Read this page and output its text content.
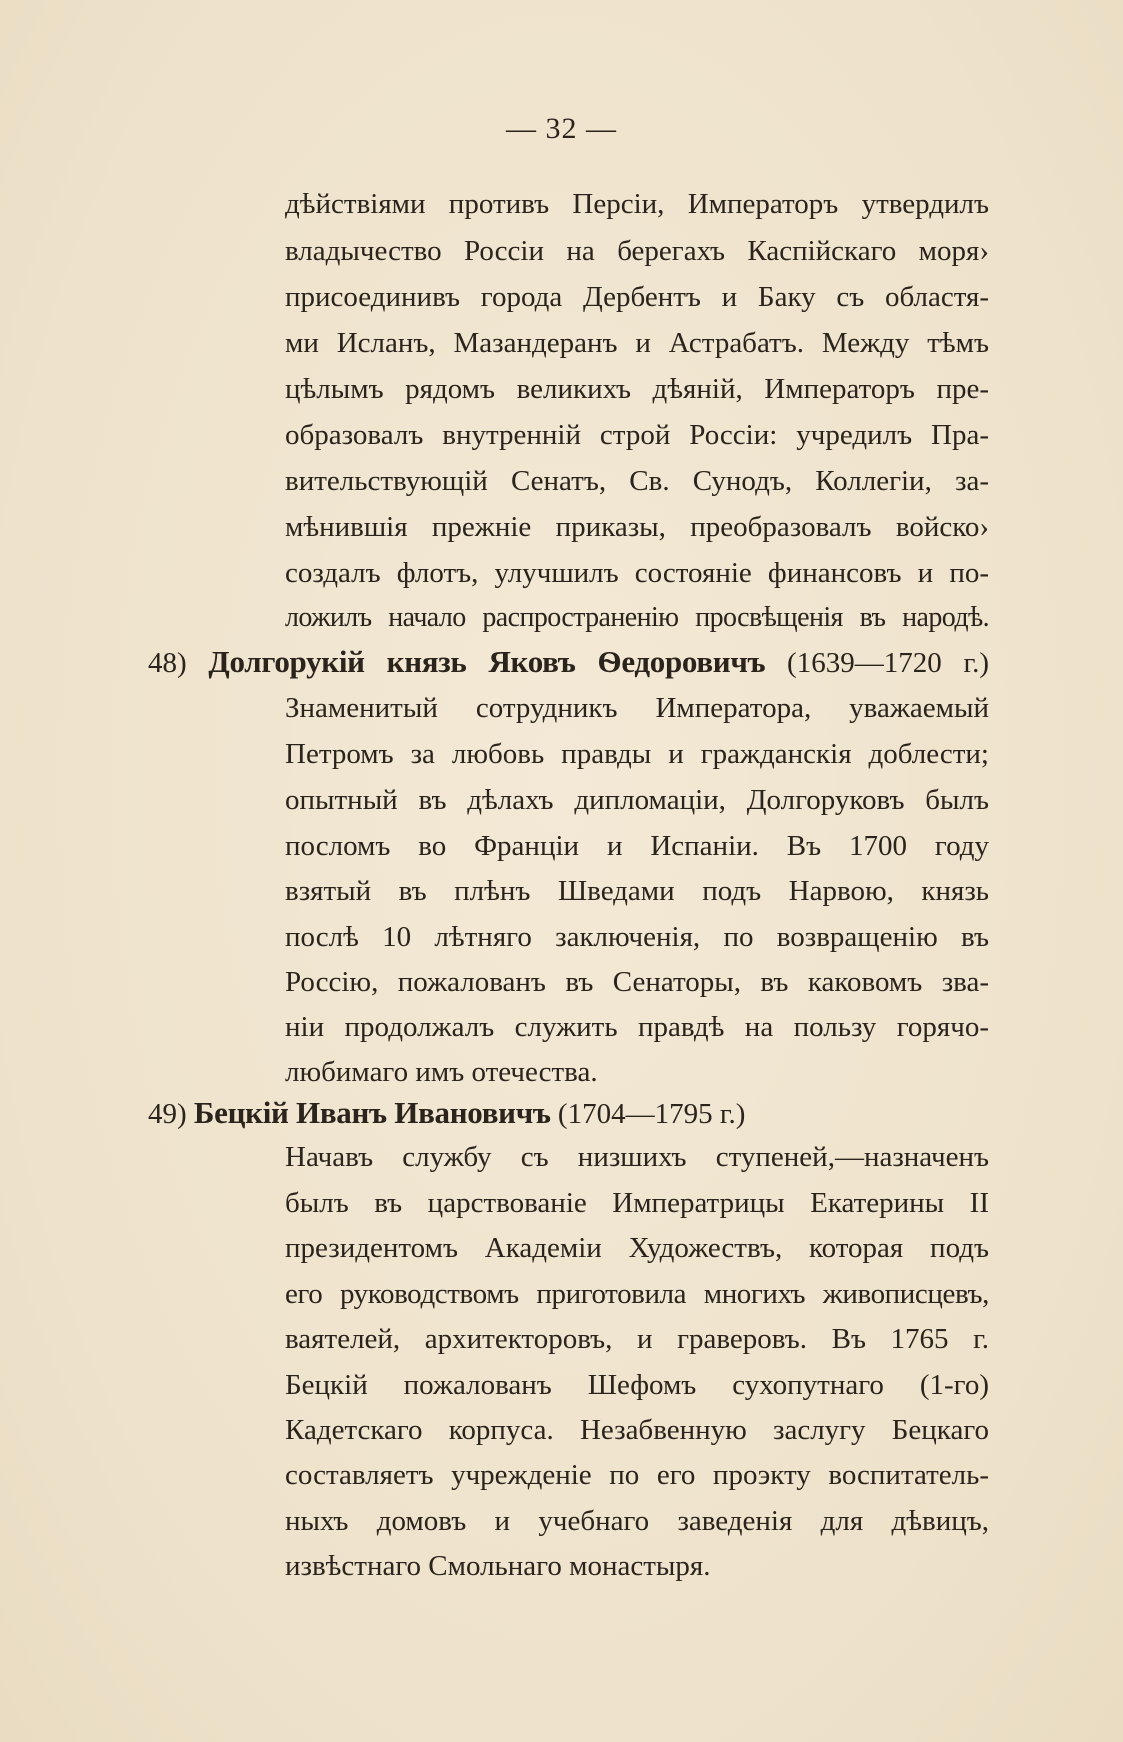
— 32 —
дѣйствіями противъ Персіи, Императоръ утвердилъ
владычество Россіи на берегахъ Каспійскаго моря›
присоединивъ города Дербентъ и Баку съ областя-
ми Исланъ, Мазандеранъ и Астрабатъ. Между тѣмъ
цѣлымъ рядомъ великихъ дѣяній, Императоръ пре-
образовалъ внутренній строй Россіи: учредилъ Пра-
вительствующій Сенатъ, Св. Сунодъ, Коллегіи, за-
мѣнившія прежніе приказы, преобразовалъ войско›
создалъ флотъ, улучшилъ состояніе финансовъ и по-
ложилъ начало распространенію просвѣщенія въ народѣ.
48) Долгорукій князь Яковъ Ѳедоровичъ (1639—1720 г.)
Знаменитый сотрудникъ Императора, уважаемый
Петромъ за любовь правды и гражданскія доблести;
опытный въ дѣлахъ дипломаціи, Долгоруковъ былъ
посломъ во Франціи и Испаніи. Въ 1700 году
взятый въ плѣнъ Шведами подъ Нарвою, князь
послѣ 10 лѣтняго заключенія, по возвращенію въ
Россію, пожалованъ въ Сенаторы, въ каковомъ зва-
ніи продолжалъ служить правдѣ на пользу горячо-
любимаго имъ отечества.
49) Бецкій Иванъ Ивановичъ (1704—1795 г.)
Начавъ службу съ низшихъ ступеней,—назначенъ
былъ въ царствованіе Императрицы Екатерины II
президентомъ Академіи Художествъ, которая подъ
его руководствомъ приготовила многихъ живописцевъ,
ваятелей, архитекторовъ, и граверовъ. Въ 1765 г.
Бецкій пожалованъ Шефомъ сухопутнаго (1-го)
Кадетскаго корпуса. Незабвенную заслугу Бецкаго
составляетъ учрежденіе по его проэкту воспитатель-
ныхъ домовъ и учебнаго заведенія для дѣвицъ,
извѣстнаго Смольнаго монастыря.
